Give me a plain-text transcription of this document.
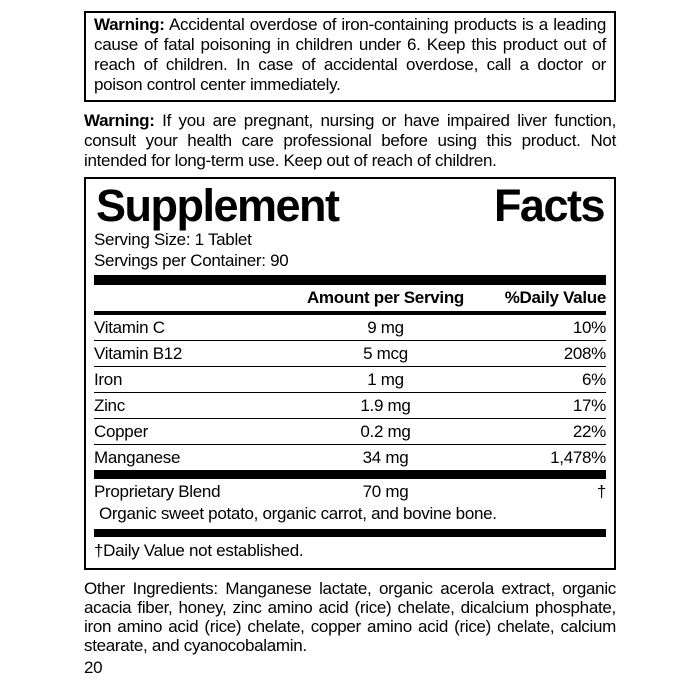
Warning: Accidental overdose of iron-containing products is a leading cause of fatal poisoning in children under 6. Keep this product out of reach of children. In case of accidental overdose, call a doctor or poison control center immediately.

Warning: If you are pregnant, nursing or have impaired liver function, consult your health care professional before using this product. Not intended for long-term use. Keep out of reach of children.

Supplement	Facts
Serving Size: 1 Tablet
Servings per Container: 90
Amount per Serving	%Daily Value
Vitamin C	9 mg	10%
Vitamin B12	5 mcg	208%
Iron	1 mg	6%
Zinc	1.9 mg	17%
Copper	0.2 mg	22%
Manganese	34 mg	1,478%
Proprietary Blend	70 mg	†
Organic sweet potato, organic carrot, and bovine bone.
†Daily Value not established.

Other Ingredients: Manganese lactate, organic acerola extract, organic acacia fiber, honey, zinc amino acid (rice) chelate, dicalcium phosphate, iron amino acid (rice) chelate, copper amino acid (rice) chelate, calcium stearate, and cyanocobalamin.

20
